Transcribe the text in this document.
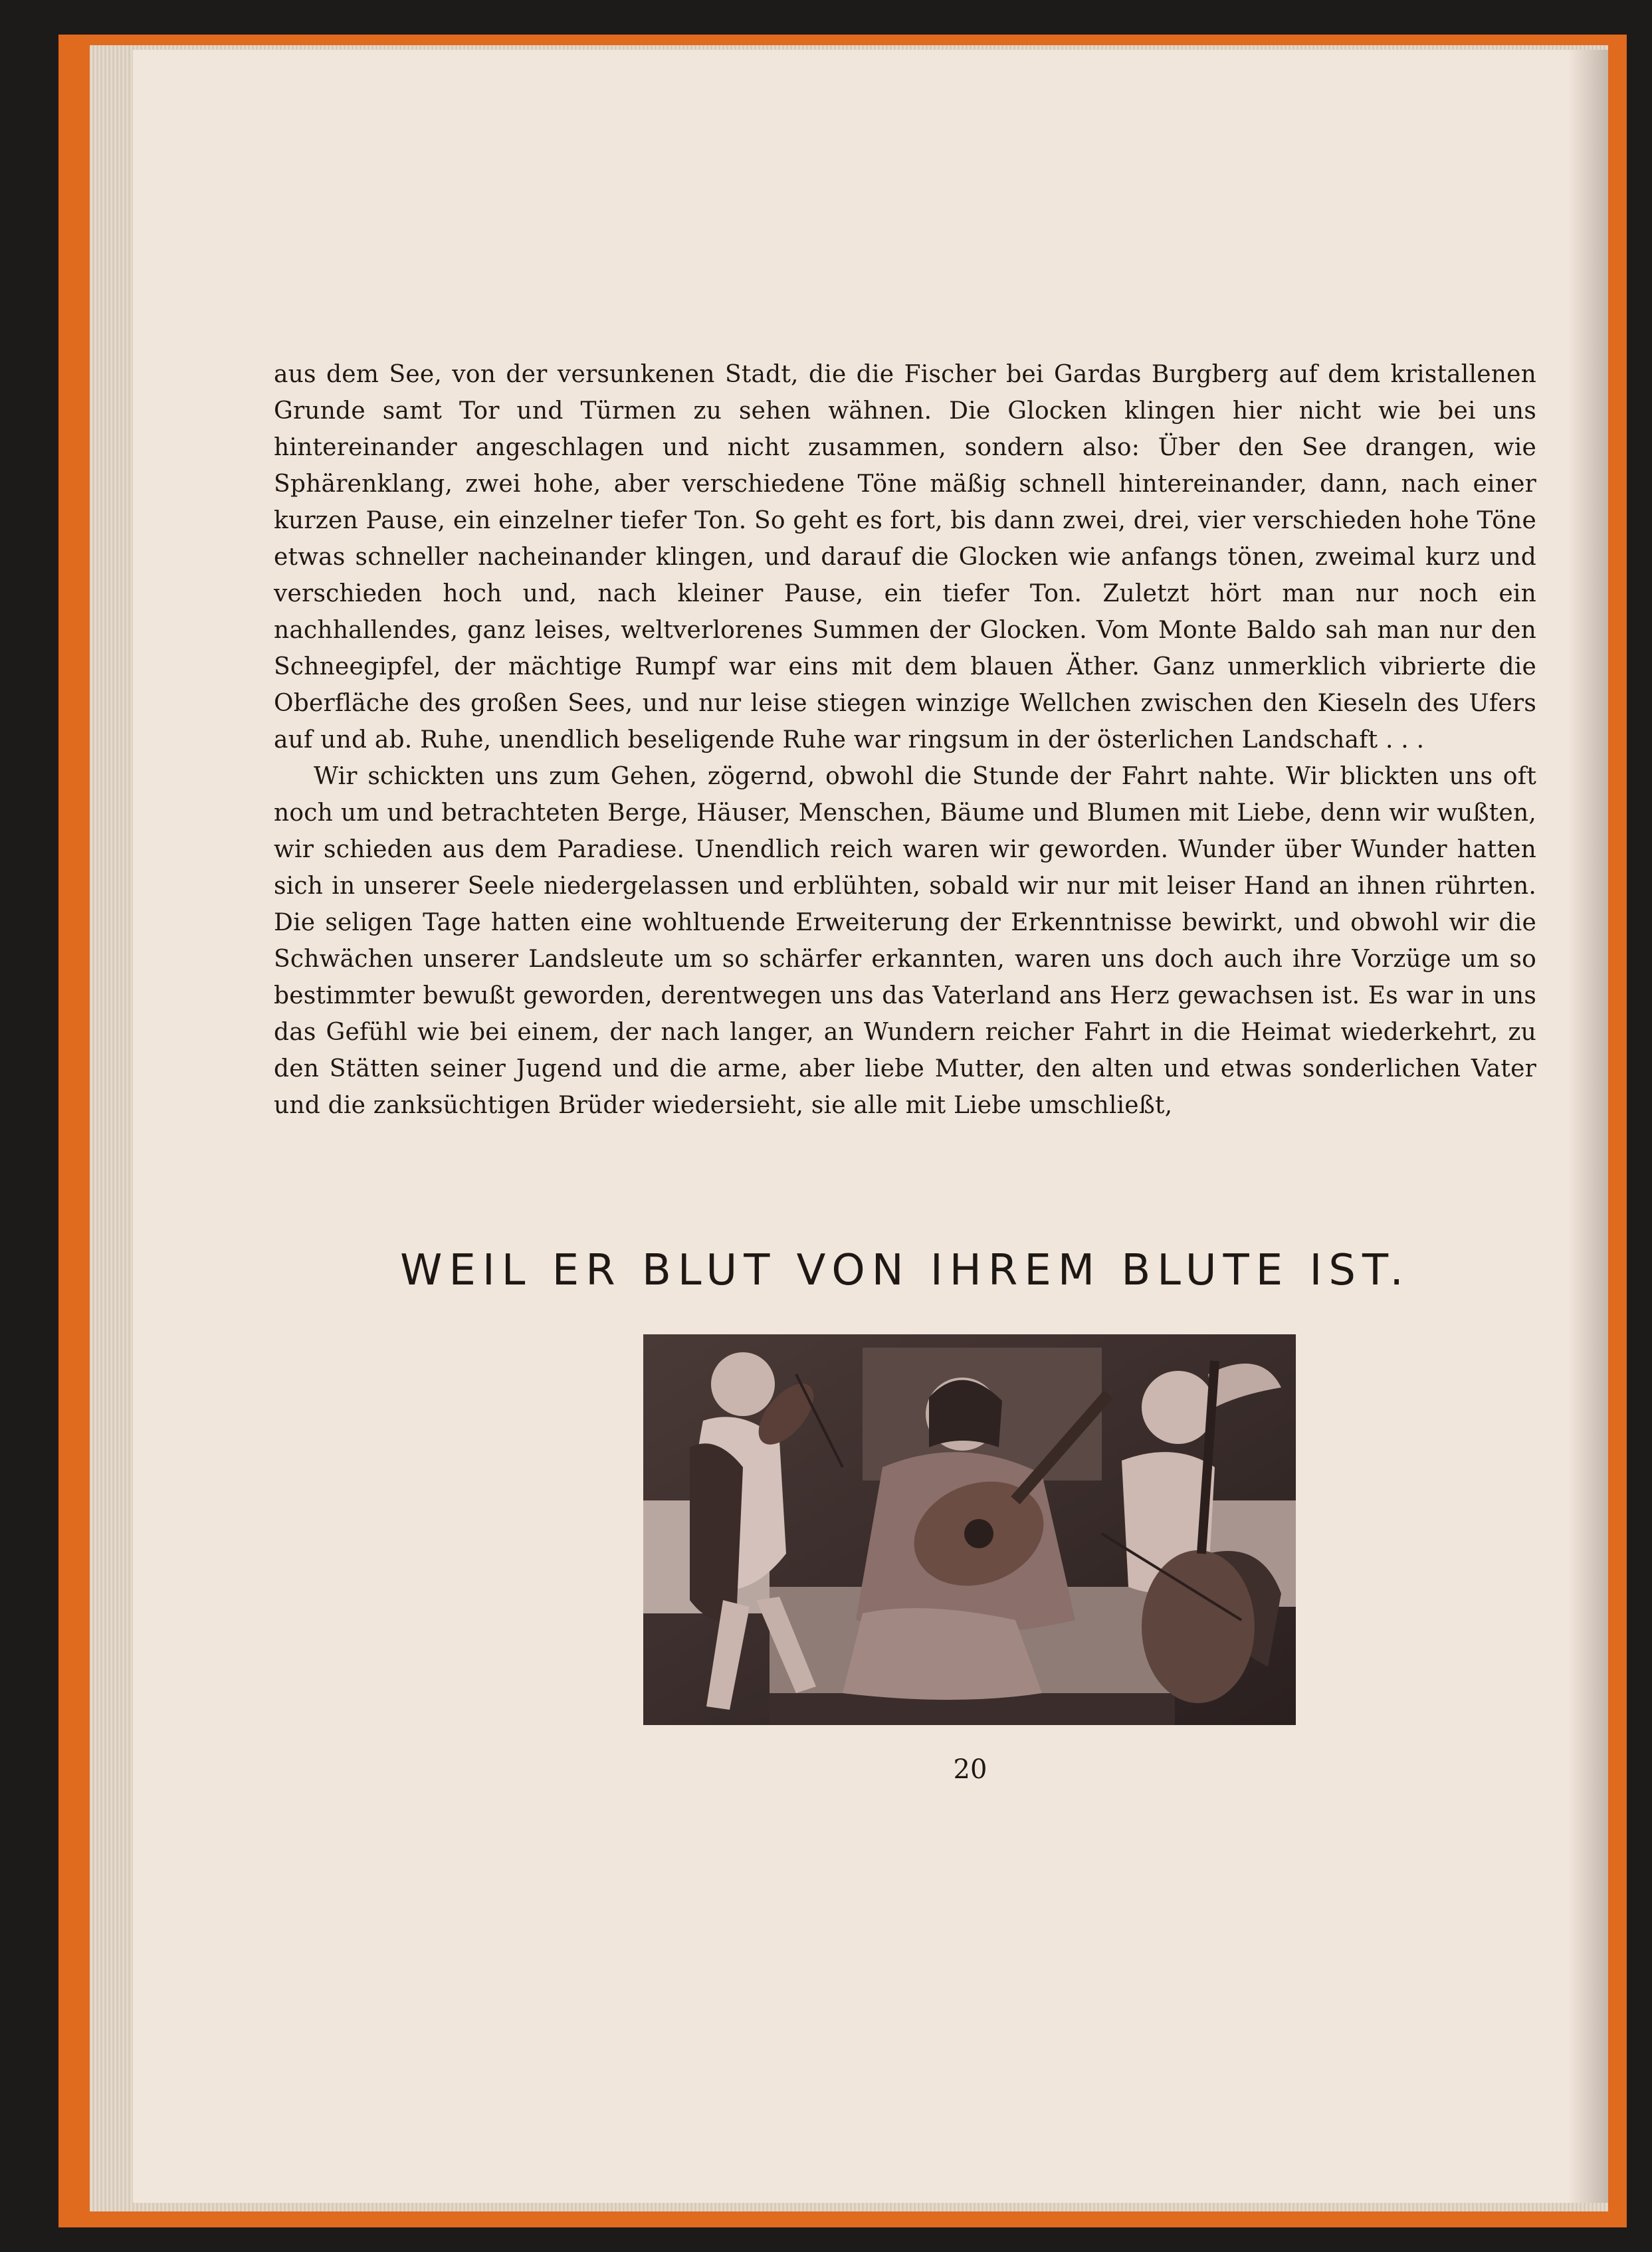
aus dem See, von der versunkenen Stadt, die die Fischer bei Gardas Burgberg auf dem kristallenen Grunde samt Tor und Türmen zu sehen wähnen. Die Glocken klingen hier nicht wie bei uns hintereinander angeschlagen und nicht zusammen, sondern also: Über den See drangen, wie Sphärenklang, zwei hohe, aber verschiedene Töne mäßig schnell hintereinander, dann, nach einer kurzen Pause, ein einzelner tiefer Ton. So geht es fort, bis dann zwei, drei, vier verschieden hohe Töne etwas schneller nacheinander klingen, und darauf die Glocken wie anfangs tönen, zweimal kurz und verschieden hoch und, nach kleiner Pause, ein tiefer Ton. Zuletzt hört man nur noch ein nachhallendes, ganz leises, weltverlorenes Summen der Glocken. Vom Monte Baldo sah man nur den Schneegipfel, der mächtige Rumpf war eins mit dem blauen Äther. Ganz unmerklich vibrierte die Oberfläche des großen Sees, und nur leise stiegen winzige Wellchen zwischen den Kieseln des Ufers auf und ab. Ruhe, unendlich beseligende Ruhe war ringsum in der österlichen Landschaft . . .

Wir schickten uns zum Gehen, zögernd, obwohl die Stunde der Fahrt nahte. Wir blickten uns oft noch um und betrachteten Berge, Häuser, Menschen, Bäume und Blumen mit Liebe, denn wir wußten, wir schieden aus dem Paradiese. Unendlich reich waren wir geworden. Wunder über Wunder hatten sich in unserer Seele niedergelassen und erblühten, sobald wir nur mit leiser Hand an ihnen rührten. Die seligen Tage hatten eine wohltuende Erweiterung der Erkenntnisse bewirkt, und obwohl wir die Schwächen unserer Landsleute um so schärfer erkannten, waren uns doch auch ihre Vorzüge um so bestimmter bewußt geworden, derentwegen uns das Vaterland ans Herz gewachsen ist. Es war in uns das Gefühl wie bei einem, der nach langer, an Wundern reicher Fahrt in die Heimat wiederkehrt, zu den Stätten seiner Jugend und die arme, aber liebe Mutter, den alten und etwas sonderlichen Vater und die zanksüchtigen Brüder wiedersieht, sie alle mit Liebe umschließt,

WEIL ER BLUT VON IHREM BLUTE IST.
20
